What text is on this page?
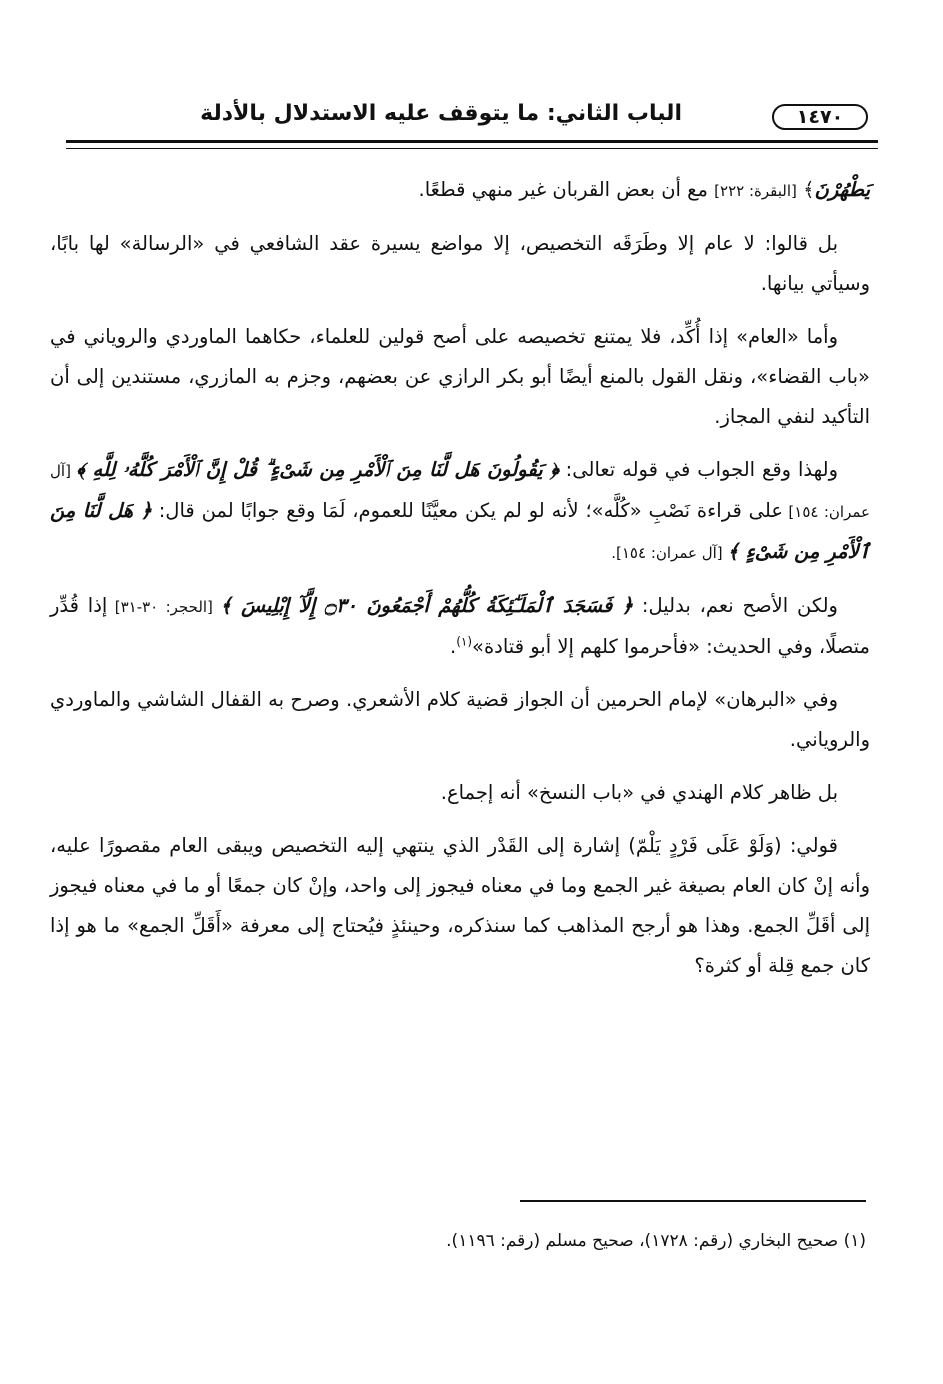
الباب الثاني: ما يتوقف عليه الاستدلال بالأدلة	١٤٧٠

يَطْهُرْنَ﴾ [البقرة: ٢٢٢] مع أن بعض القربان غير منهي قطعًا.

بل قالوا: لا عام إلا وطَرَقَه التخصيص، إلا مواضع يسيرة عقد الشافعي في «الرسالة» لها بابًا، وسيأتي بيانها.

وأما «العام» إذا أُكِّد، فلا يمتنع تخصيصه على أصح قولين للعلماء، حكاهما الماوردي والروياني في «باب القضاء»، ونقل القول بالمنع أيضًا أبو بكر الرازي عن بعضهم، وجزم به المازري، مستندين إلى أن التأكيد لنفي المجاز.

ولهذا وقع الجواب في قوله تعالى: ﴿ يَقُولُونَ هَل لَّنَا مِنَ ٱلْأَمْرِ مِن شَىْءٍ ۗ قُلْ إِنَّ ٱلْأَمْرَ كُلَّهُۥ لِلَّهِ ﴾ [آل عمران: ١٥٤] على قراءة نَصْبِ «كُلَّه»؛ لأنه لو لم يكن معيَّنًا للعموم، لَمَا وقع جوابًا لمن قال: ﴿ هَل لَّنَا مِنَ ٱلْأَمْرِ مِن شَىْءٍ ﴾ [آل عمران: ١٥٤].

ولكن الأصح نعم، بدليل: ﴿ فَسَجَدَ ٱلْمَلَـٰٓئِكَةُ كُلُّهُمْ أَجْمَعُونَ ۝٣٠ إِلَّآ إِبْلِيسَ ﴾ [الحجر: ٣٠-٣١] إذا قُدِّر متصلًا، وفي الحديث: «فأحرموا كلهم إلا أبو قتادة»$^{(١)}$.

وفي «البرهان» لإمام الحرمين أن الجواز قضية كلام الأشعري. وصرح به القفال الشاشي والماوردي والروياني.

بل ظاهر كلام الهندي في «باب النسخ» أنه إجماع.

قولي: (وَلَوْ عَلَى فَرْدٍ يَلْمّ) إشارة إلى القَدْر الذي ينتهي إليه التخصيص ويبقى العام مقصورًا عليه، وأنه إنْ كان العام بصيغة غير الجمع وما في معناه فيجوز إلى واحد، وإنْ كان جمعًا أو ما في معناه فيجوز إلى أقَلِّ الجمع. وهذا هو أرجح المذاهب كما سنذكره، وحينئذٍ فيُحتاج إلى معرفة «أَقَلِّ الجمع» ما هو إذا كان جمع قِلة أو كثرة؟

(١) صحيح البخاري (رقم: ١٧٢٨)، صحيح مسلم (رقم: ١١٩٦).
